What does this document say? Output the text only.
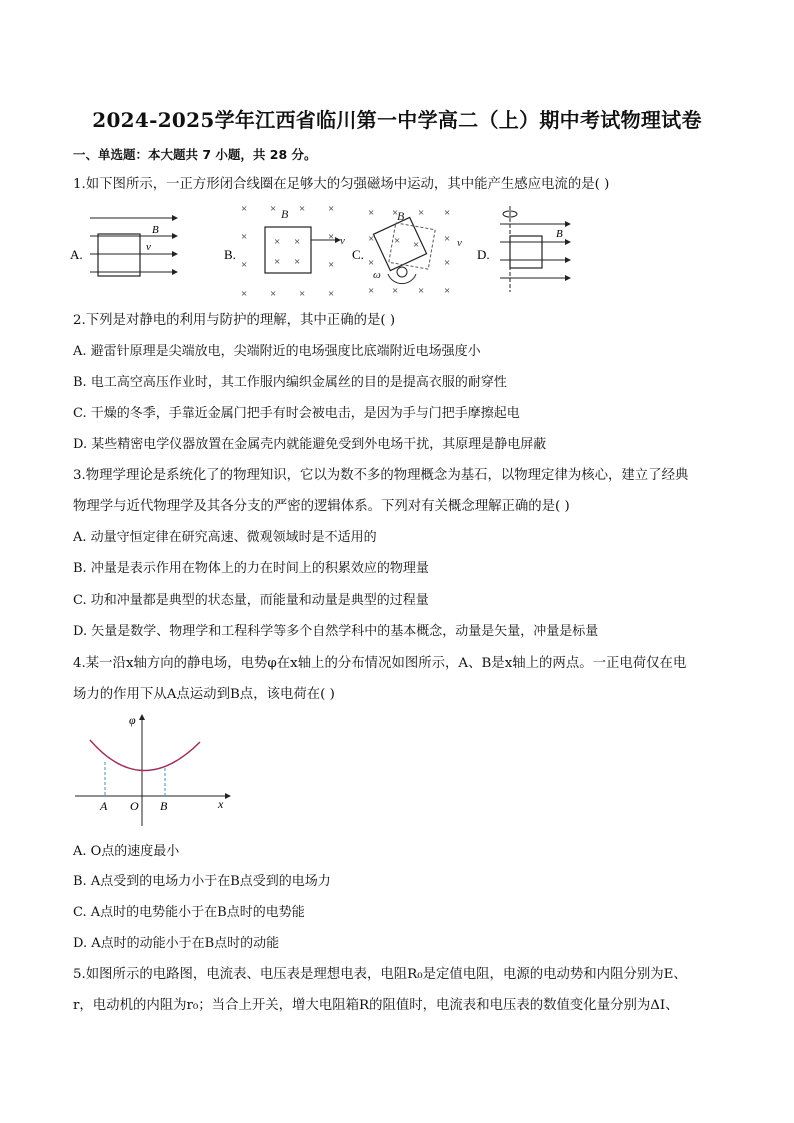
2024-2025学年江西省临川第一中学高二（上）期中考试物理试卷
一、单选题：本大题共 7 小题，共 28 分。
1.如下图所示，一正方形闭合线圈在足够大的匀强磁场中运动，其中能产生感应电流的是( )
A.
B
v	B.
× × × ×
×	×
×	×
× × × ×
× ×
× ×
B
v
C.
×	× ×
×	×
×	×
× × × ×
×
× ×
B
v
ω
D.
B
2.下列是对静电的利用与防护的理解，其中正确的是( )
A. 避雷针原理是尖端放电，尖端附近的电场强度比底端附近电场强度小
B. 电工高空高压作业时，其工作服内编织金属丝的目的是提高衣服的耐穿性
C. 干燥的冬季，手靠近金属门把手有时会被电击，是因为手与门把手摩擦起电
D. 某些精密电学仪器放置在金属壳内就能避免受到外电场干扰，其原理是静电屏蔽
3.物理学理论是系统化了的物理知识，它以为数不多的物理概念为基石，以物理定律为核心，建立了经典
物理学与近代物理学及其各分支的严密的逻辑体系。下列对有关概念理解正确的是( )
A. 动量守恒定律在研究高速、微观领域时是不适用的
B. 冲量是表示作用在物体上的力在时间上的积累效应的物理量
C. 功和冲量都是典型的状态量，而能量和动量是典型的过程量
D. 矢量是数学、物理学和工程科学等多个自然学科中的基本概念，动量是矢量，冲量是标量
4.某一沿x轴方向的静电场，电势φ在x轴上的分布情况如图所示，A、B是x轴上的两点。一正电荷仅在电
场力的作用下从A点运动到B点，该电荷在( )
φ
A O B	x
A. O点的速度最小
B. A点受到的电场力小于在B点受到的电场力
C. A点时的电势能小于在B点时的电势能
D. A点时的动能小于在B点时的动能
5.如图所示的电路图，电流表、电压表是理想电表，电阻R₀是定值电阻，电源的电动势和内阻分别为E、
r，电动机的内阻为r₀；当合上开关，增大电阻箱R的阻值时，电流表和电压表的数值变化量分别为ΔI、
